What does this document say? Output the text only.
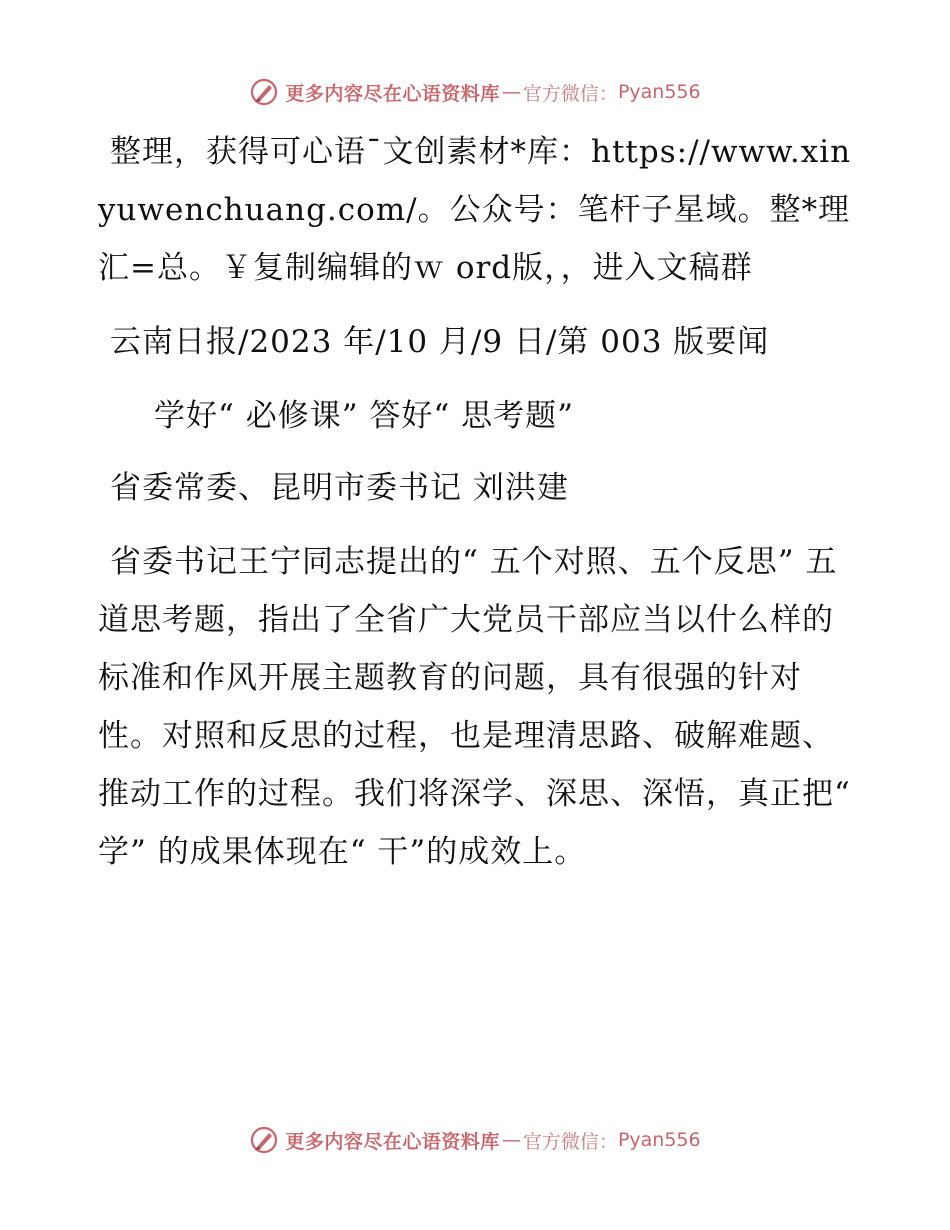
更多内容尽在心语资料库 — 官方微信： Pyan556

整理，获得可心语¯文创素材*库：https://www.xinyuwenchuang.com/。公众号：笔杆子星域。整*理汇=总。￥复制编辑的ｗ ord版，，进入文稿群

云南日报/2023 年/10 月/9 日/第 003 版要闻

学好“ 必修课” 答好“ 思考题”

省委常委、昆明市委书记 刘洪建

省委书记王宁同志提出的“ 五个对照、五个反思” 五道思考题，指出了全省广大党员干部应当以什么样的标准和作风开展主题教育的问题，具有很强的针对性。对照和反思的过程，也是理清思路、破解难题、推动工作的过程。我们将深学、深思、深悟，真正把“ 学” 的成果体现在“ 干”的成效上。

更多内容尽在心语资料库 — 官方微信： Pyan556
